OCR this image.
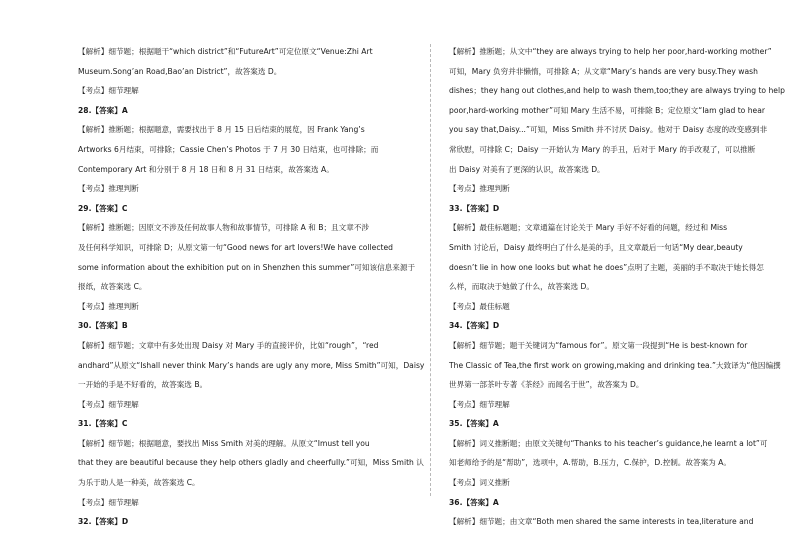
【解析】细节题；根据题干“which district”和“FutureArt”可定位原文“Venue:Zhi Art
Museum.Song’an Road,Bao’an District”，故答案选 D。
【考点】细节理解
28.【答案】A
【解析】推断题；根据题意，需要找出于 8 月 15 日后结束的展览，因 Frank Yang’s
Artworks 6月结束，可排除；Cassie Chen’s Photos 于 7 月 30 日结束，也可排除；而
Contemporary Art 和分别于 8 月 18 日和 8 月 31 日结束，故答案选 A。
【考点】推理判断
29.【答案】C
【解析】推断题；因原文不涉及任何故事人物和故事情节，可排除 A 和 B；且文章不涉
及任何科学知识，可排除 D；从原文第一句“Good news for art lovers!We have collected
some information about the exhibition put on in Shenzhen this summer”可知该信息来源于
报纸，故答案选 C。
【考点】推理判断
30.【答案】B
【解析】细节题；文章中有多处出现 Daisy 对 Mary 手的直接评价，比如“rough”，“red
andhard”从原文“Ishall never think Mary’s hands are ugly any more, Miss Smith”可知，Daisy
一开始的手是不好看的，故答案选 B。
【考点】细节理解
31.【答案】C
【解析】细节题；根据题意，要找出 Miss Smith 对美的理解。从原文“Imust tell you
that they are beautiful because they help others gladly and cheerfully.”可知，Miss Smith 认
为乐于助人是一种美，故答案选 C。
【考点】细节理解
32.【答案】D
【解析】推断题；从文中“they are always trying to help her poor,hard-working mother”
可知，Mary 负穷并非懒惰，可排除 A；从文章“Mary’s hands are very busy.They wash
dishes；they hang out clothes,and help to wash them,too;they are always trying to help
poor,hard-working mother”可知 Mary 生活不易，可排除 B；定位原文“Iam glad to hear
you say that,Daisy...”可知，Miss Smith 并不讨厌 Daisy。他对于 Daisy 态度的改变感到非
常欣慰，可排除 C；Daisy 一开始认为 Mary 的手丑，后对于 Mary 的手改观了，可以推断
出 Daisy 对美有了更深的认识，故答案选 D。
【考点】推理判断
33.【答案】D
【解析】最佳标题题；文章通篇在讨论关于 Mary 手好不好看的问题，经过和 Miss
Smith 讨论后，Daisy 最终明白了什么是美的手，且文章最后一句话“My dear,beauty
doesn’t lie in how one looks but what he does”点明了主题，美丽的手不取决于她长得怎
么样，而取决于她做了什么，故答案选 D。
【考点】最佳标题
34.【答案】D
【解析】细节题；题干关键词为“famous for”。原文第一段提到“He is best-known for
The Classic of Tea,the first work on growing,making and drinking tea.”大致译为“他因编撰
世界第一部茶叶专著《茶经》而闻名于世”，故答案为 D。
【考点】细节理解
35.【答案】A
【解析】词义推断题；由原文关键句“Thanks to his teacher’s guidance,he learnt a lot”可
知老师给予的是“帮助”，选项中，A.帮助，B.压力，C.保护，D.控制。故答案为 A。
【考点】词义推断
36.【答案】A
【解析】细节题；由文章“Both men shared the same interests in tea,literature and
